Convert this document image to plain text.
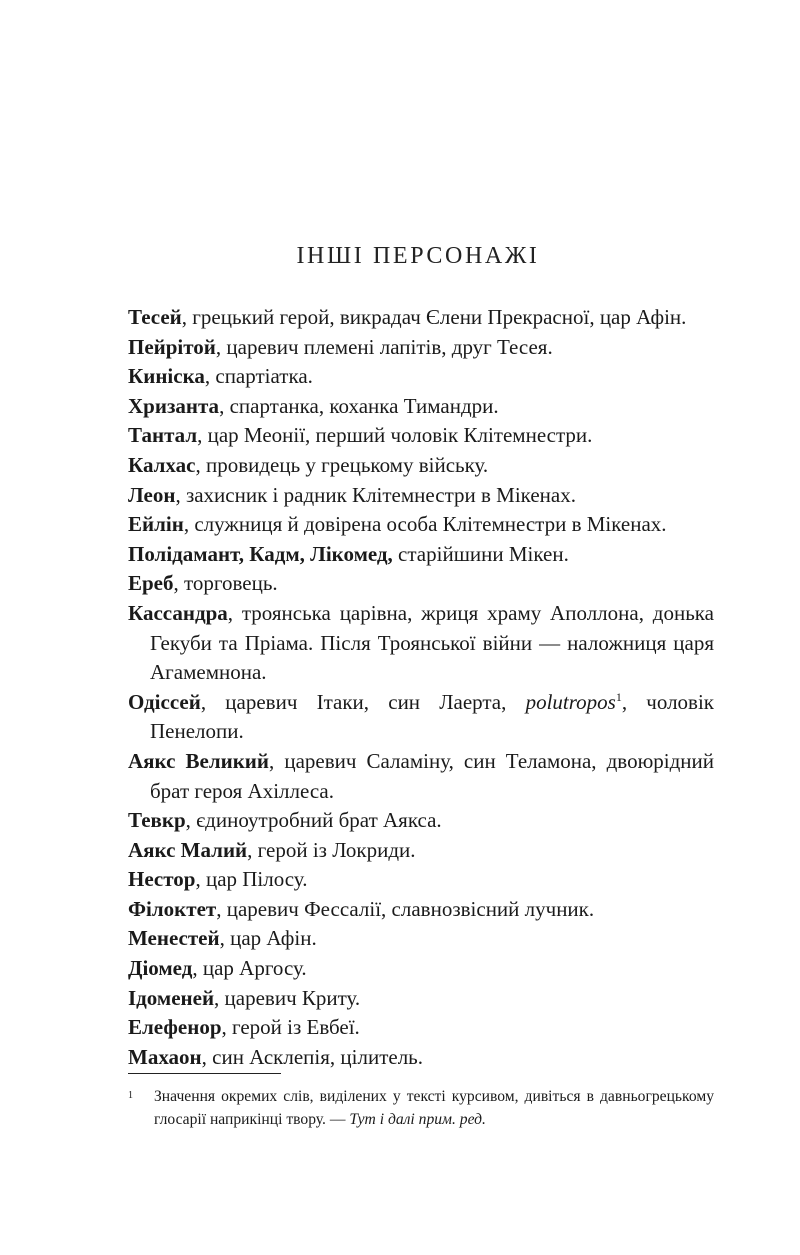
ІНШІ ПЕРСОНАЖІ

Тесей, грецький герой, викрадач Єлени Прекрасної, цар Афін.

Пейрітой, царевич племені лапітів, друг Тесея.

Киніска, спартіатка.

Хризанта, спартанка, коханка Тимандри.

Тантал, цар Меонії, перший чоловік Клітемнестри.

Калхас, провидець у грецькому війську.

Леон, захисник і радник Клітемнестри в Мікенах.

Ейлін, служниця й довірена особа Клітемнестри в Мікенах.

Полідамант, Кадм, Лікомед, старійшини Мікен.

Ереб, торговець.

Кассандра, троянська царівна, жриця храму Аполлона, донька Гекуби та Пріама. Після Троянської війни — наложниця царя Агамемнона.

Одіссей, царевич Ітаки, син Лаерта, polutropos$^1$, чоловік Пенелопи.

Аякс Великий, царевич Саламіну, син Теламона, двоюрідний брат героя Ахіллеса.

Тевкр, єдиноутробний брат Аякса.

Аякс Малий, герой із Локриди.

Нестор, цар Пілосу.

Філоктет, царевич Фессалії, славнозвісний лучник.

Менестей, цар Афін.

Діомед, цар Аргосу.

Ідоменей, царевич Криту.

Елефенор, герой із Евбеї.

Махаон, син Асклепія, цілитель.

1 Значення окремих слів, виділених у тексті курсивом, дивіться в давньогрецькому глосарії наприкінці твору. — Тут і далі прим. ред.
